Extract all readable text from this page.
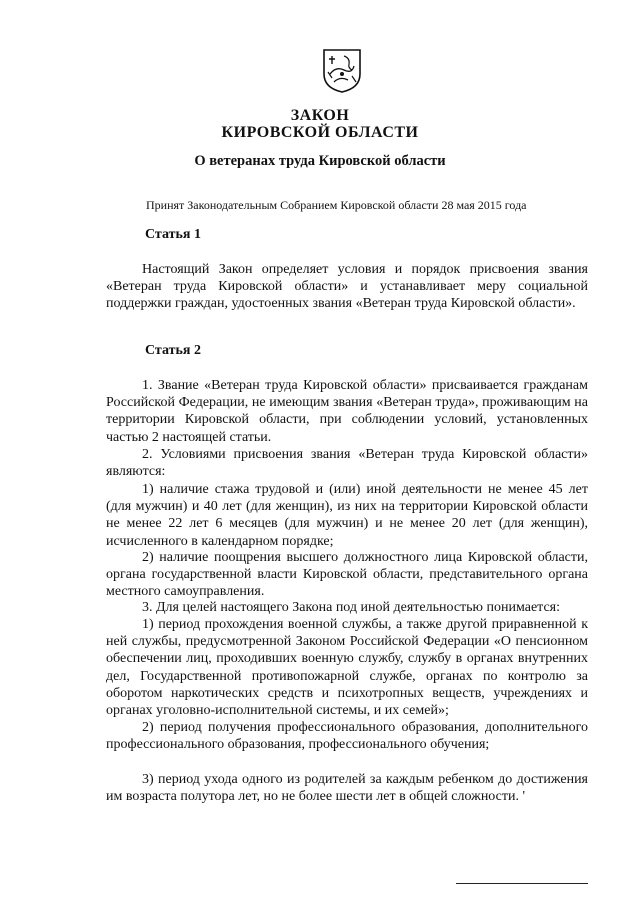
ЗАКОН
КИРОВСКОЙ ОБЛАСТИ
О ветеранах труда Кировской области
Принят Законодательным Собранием Кировской области 28 мая 2015 года
Статья 1

Настоящий Закон определяет условия и порядок присвоения звания «Ветеран труда Кировской области» и устанавливает меру социальной поддержки граждан, удостоенных звания «Ветеран труда Кировской области».

Статья 2

1. Звание «Ветеран труда Кировской области» присваивается гражданам Российской Федерации, не имеющим звания «Ветеран труда», проживающим на территории Кировской области, при соблюдении условий, установленных частью 2 настоящей статьи.

2. Условиями присвоения звания «Ветеран труда Кировской области» являются:

1) наличие стажа трудовой и (или) иной деятельности не менее 45 лет (для мужчин) и 40 лет (для женщин), из них на территории Кировской области не менее 22 лет 6 месяцев (для мужчин) и не менее 20 лет (для женщин), исчисленного в календарном порядке;

2) наличие поощрения высшего должностного лица Кировской области, органа государственной власти Кировской области, представительного органа местного самоуправления.

3. Для целей настоящего Закона под иной деятельностью понимается:

1) период прохождения военной службы, а также другой приравненной к ней службы, предусмотренной Законом Российской Федерации «О пенсионном обеспечении лиц, проходивших военную службу, службу в органах внутренних дел, Государственной противопожарной службе, органах по контролю за оборотом наркотических средств и психотропных веществ, учреждениях и органах уголовно-исполнительной системы, и их семей»;

2) период получения профессионального образования, дополнительного профессионального образования, профессионального обучения;

3) период ухода одного из родителей за каждым ребенком до достижения им возраста полутора лет, но не более шести лет в общей сложности. '
